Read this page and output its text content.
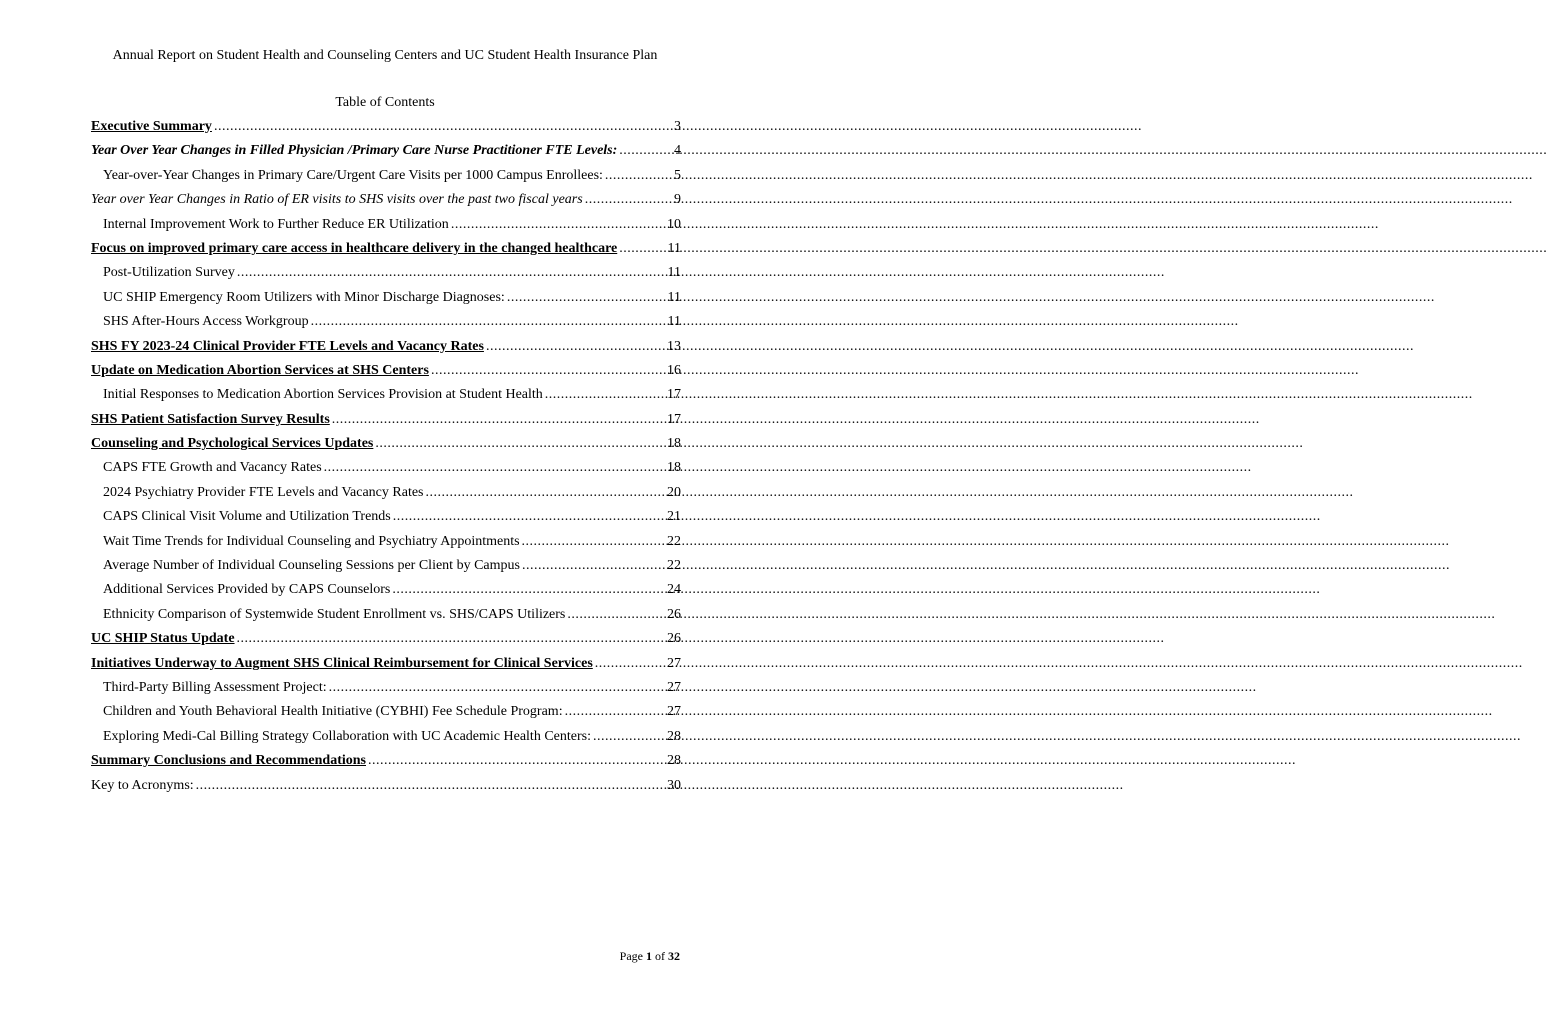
Annual Report on Student Health and Counseling Centers and UC Student Health Insurance Plan
Table of Contents
Executive Summary .....	3
Year Over Year Changes in Filled Physician /Primary Care Nurse Practitioner FTE Levels: .....	4
Year-over-Year Changes in Primary Care/Urgent Care Visits per 1000 Campus Enrollees: .....	5
Year over Year Changes in Ratio of ER visits to SHS visits over the past two fiscal years .....	9
Internal Improvement Work to Further Reduce ER Utilization .....	10
Focus on improved primary care access in healthcare delivery in the changed healthcare .....	11
Post-Utilization Survey .....	11
UC SHIP Emergency Room Utilizers with Minor Discharge Diagnoses: .....	11
SHS After-Hours Access Workgroup .....	11
SHS FY 2023-24 Clinical Provider FTE Levels and Vacancy Rates .....	13
Update on Medication Abortion Services at SHS Centers .....	16
Initial Responses to Medication Abortion Services Provision at Student Health .....	17
SHS Patient Satisfaction Survey Results .....	17
Counseling and Psychological Services Updates .....	18
CAPS FTE Growth and Vacancy Rates .....	18
2024 Psychiatry Provider FTE Levels and Vacancy Rates .....	20
CAPS Clinical Visit Volume and Utilization Trends .....	21
Wait Time Trends for Individual Counseling and Psychiatry Appointments .....	22
Average Number of Individual Counseling Sessions per Client by Campus .....	22
Additional Services Provided by CAPS Counselors .....	24
Ethnicity Comparison of Systemwide Student Enrollment vs. SHS/CAPS Utilizers .....	26
UC SHIP Status Update .....	26
Initiatives Underway to Augment SHS Clinical Reimbursement for Clinical Services .....	27
Third-Party Billing Assessment Project: .....	27
Children and Youth Behavioral Health Initiative (CYBHI) Fee Schedule Program: .....	27
Exploring Medi-Cal Billing Strategy Collaboration with UC Academic Health Centers: .....	28
Summary Conclusions and Recommendations .....	28
Key to Acronyms: .....	30
Page 1 of 32
